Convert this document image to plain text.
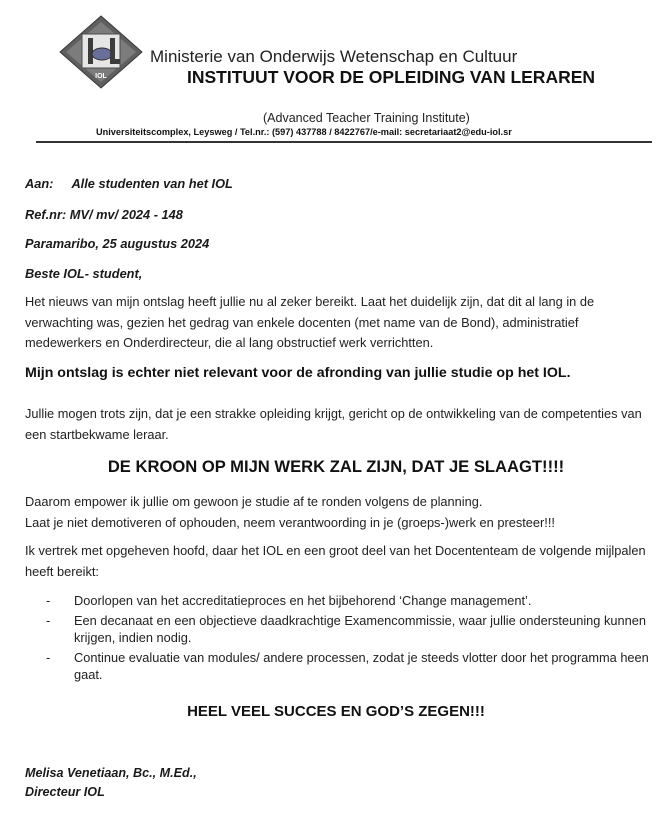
IOL
Ministerie van Onderwijs Wetenschap en Cultuur
INSTITUUT VOOR DE OPLEIDING VAN LERAREN
(Advanced Teacher Training Institute)
Universiteitscomplex, Leysweg / Tel.nr.: (597) 437788 / 8422767/e-mail: secretariaat2@edu-iol.sr
Aan: Alle studenten van het IOL
Ref.nr: MV/ mv/ 2024 - 148
Paramaribo, 25 augustus 2024
Beste IOL- student,
Het nieuws van mijn ontslag heeft jullie nu al zeker bereikt. Laat het duidelijk zijn, dat dit al lang in de verwachting was, gezien het gedrag van enkele docenten (met name van de Bond), administratief medewerkers en Onderdirecteur, die al lang obstructief werk verrichtten.
Mijn ontslag is echter niet relevant voor de afronding van jullie studie op het IOL.
Jullie mogen trots zijn, dat je een strakke opleiding krijgt, gericht op de ontwikkeling van de competenties van een startbekwame leraar.
DE KROON OP MIJN WERK ZAL ZIJN, DAT JE SLAAGT!!!!
Daarom empower ik jullie om gewoon je studie af te ronden volgens de planning.
Laat je niet demotiveren of ophouden, neem verantwoording in je (groeps-)werk en presteer!!!
Ik vertrek met opgeheven hoofd, daar het IOL en een groot deel van het Docententeam de volgende mijlpalen heeft bereikt:
- Doorlopen van het accreditatieproces en het bijbehorend ‘Change management’.
- Een decanaat en een objectieve daadkrachtige Examencommissie, waar jullie ondersteuning kunnen krijgen, indien nodig.
- Continue evaluatie van modules/ andere processen, zodat je steeds vlotter door het programma heen gaat.
HEEL VEEL SUCCES EN GOD’S ZEGEN!!!
Melisa Venetiaan, Bc., M.Ed.,
Directeur IOL
